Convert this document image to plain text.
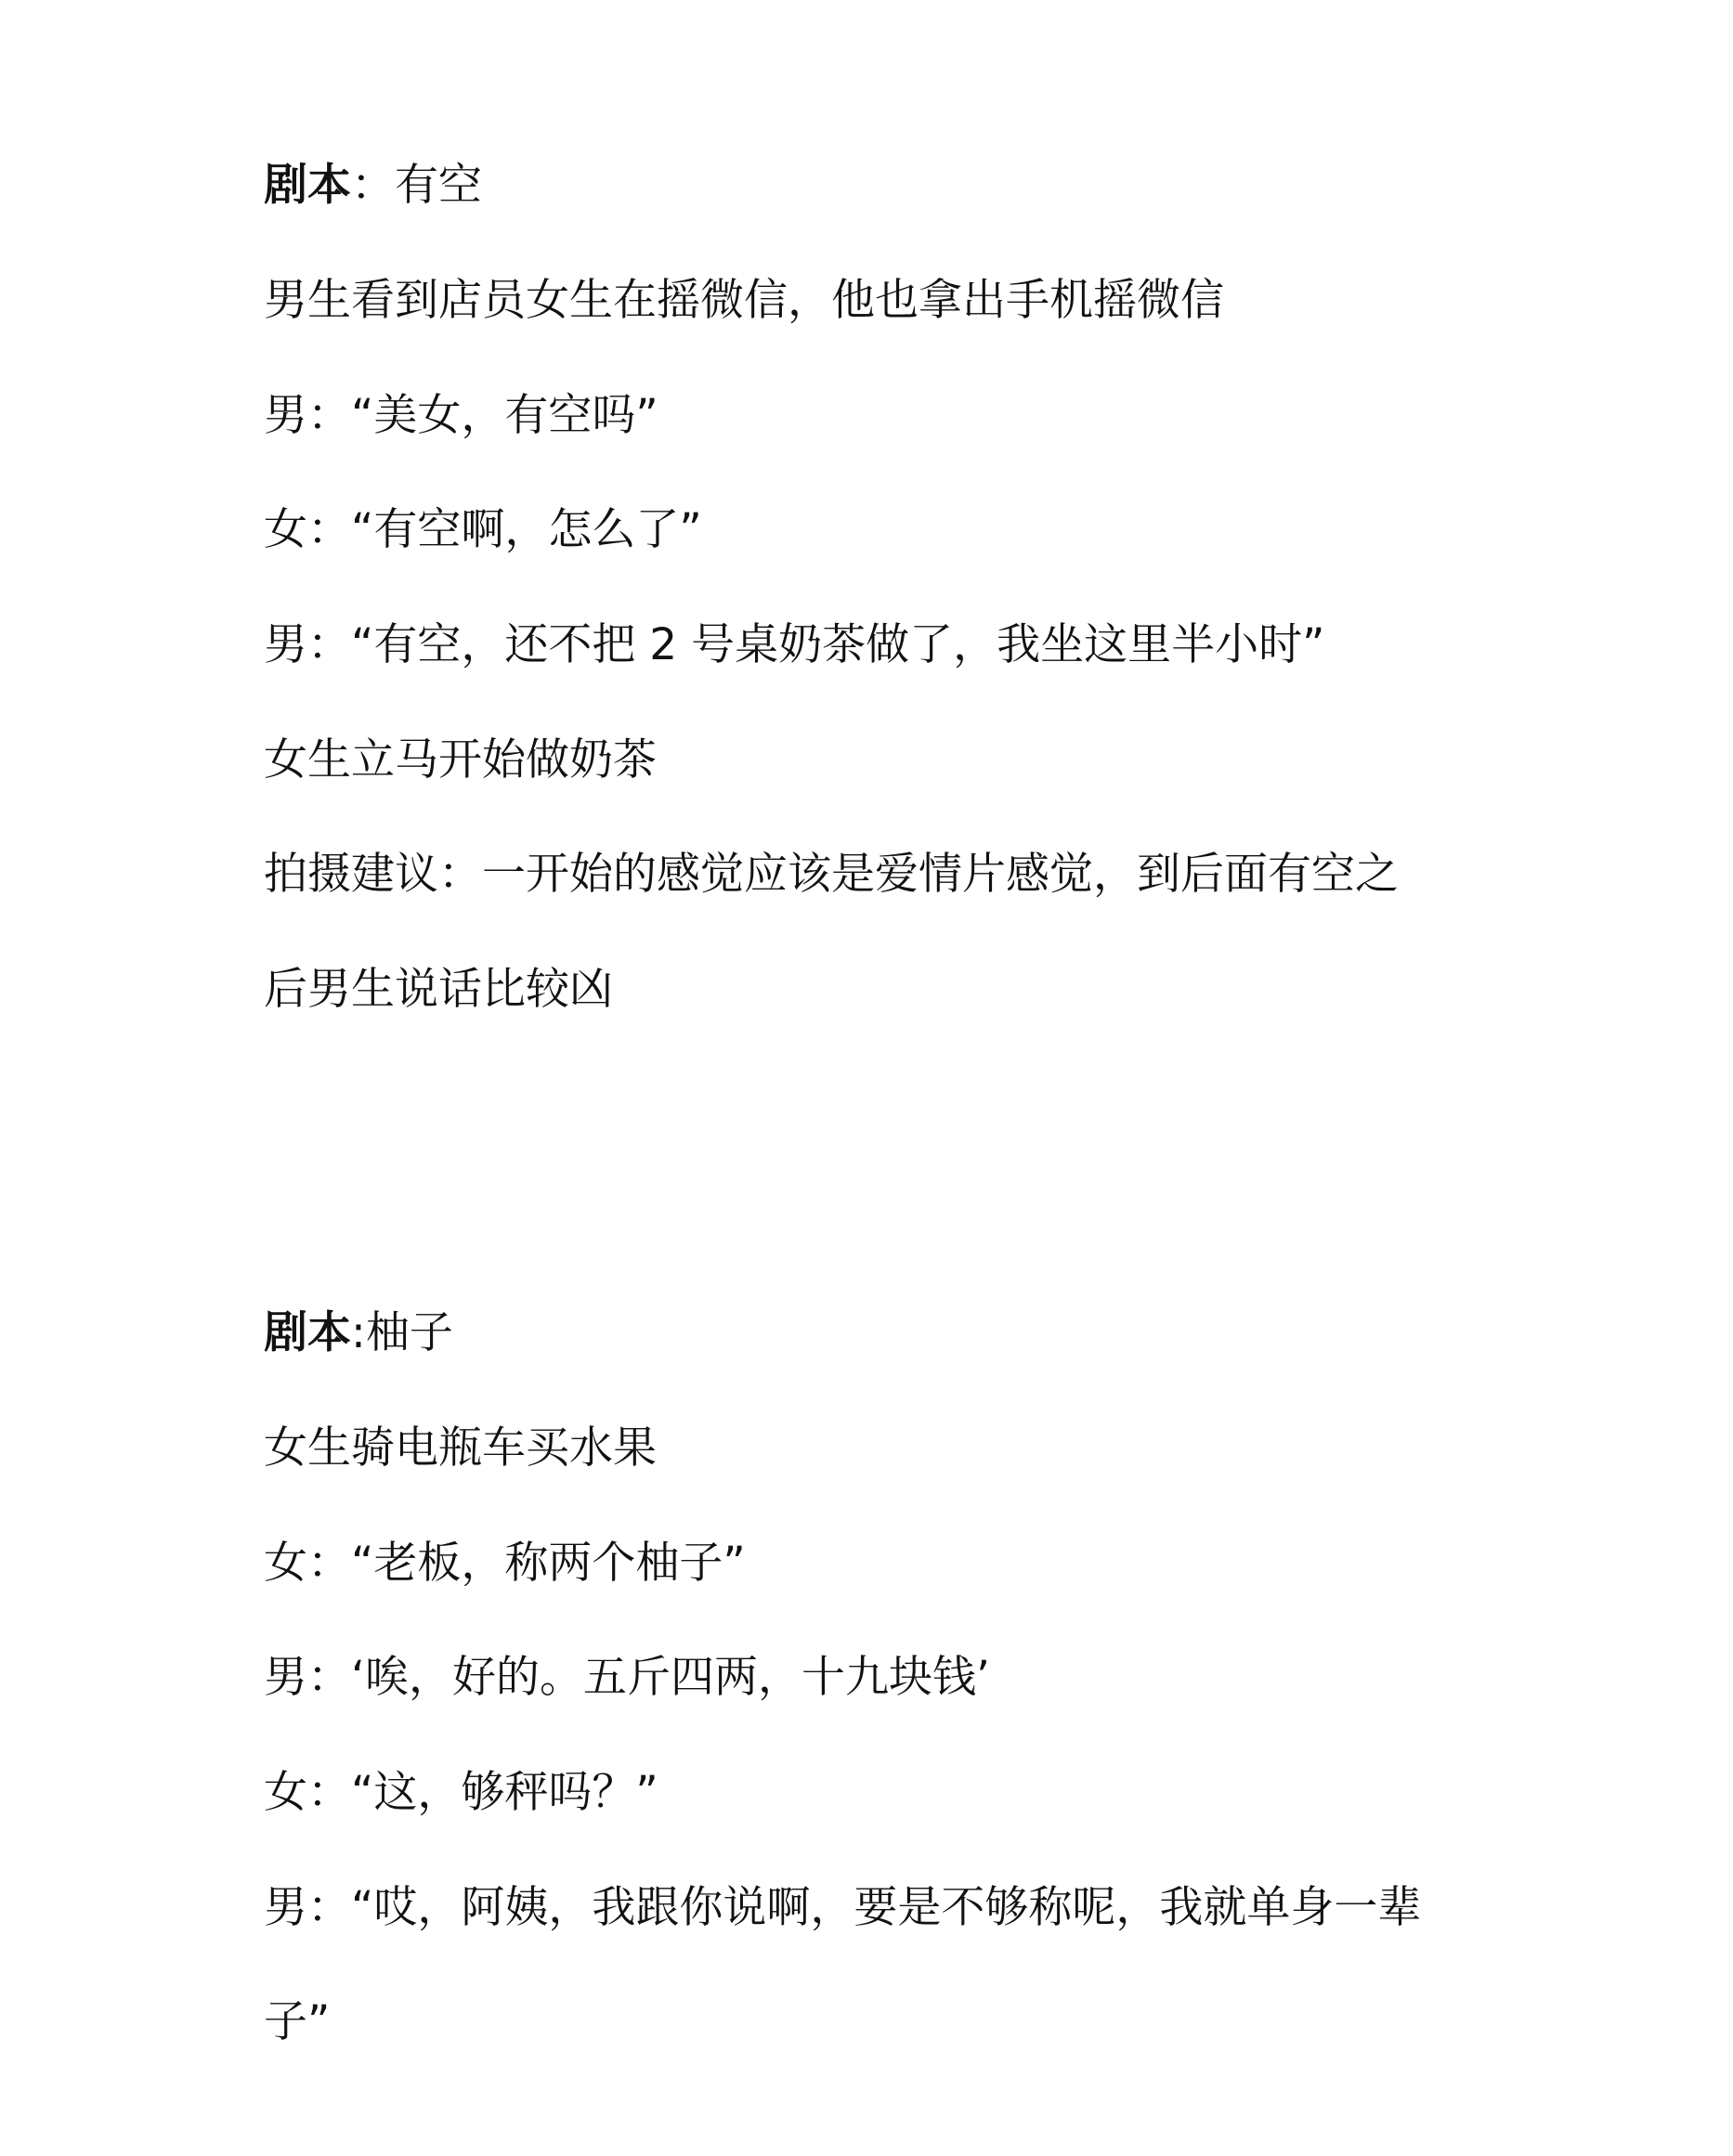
剧本：有空
男生看到店员女生在摇微信，他也拿出手机摇微信
男：“美女，有空吗”
女：“有空啊，怎么了”
男：“有空，还不把 2 号桌奶茶做了，我坐这里半小时”
女生立马开始做奶茶
拍摄建议：一开始的感觉应该是爱情片感觉，到后面有空之
后男生说话比较凶
剧本:柚子
女生骑电瓶车买水果
女：“老板，称两个柚子”
男：‘唉，好的。五斤四两，十九块钱’
女：“这，够秤吗？”
男：“哎，阿姨，我跟你说啊，要是不够称呢，我就单身一辈
子”
